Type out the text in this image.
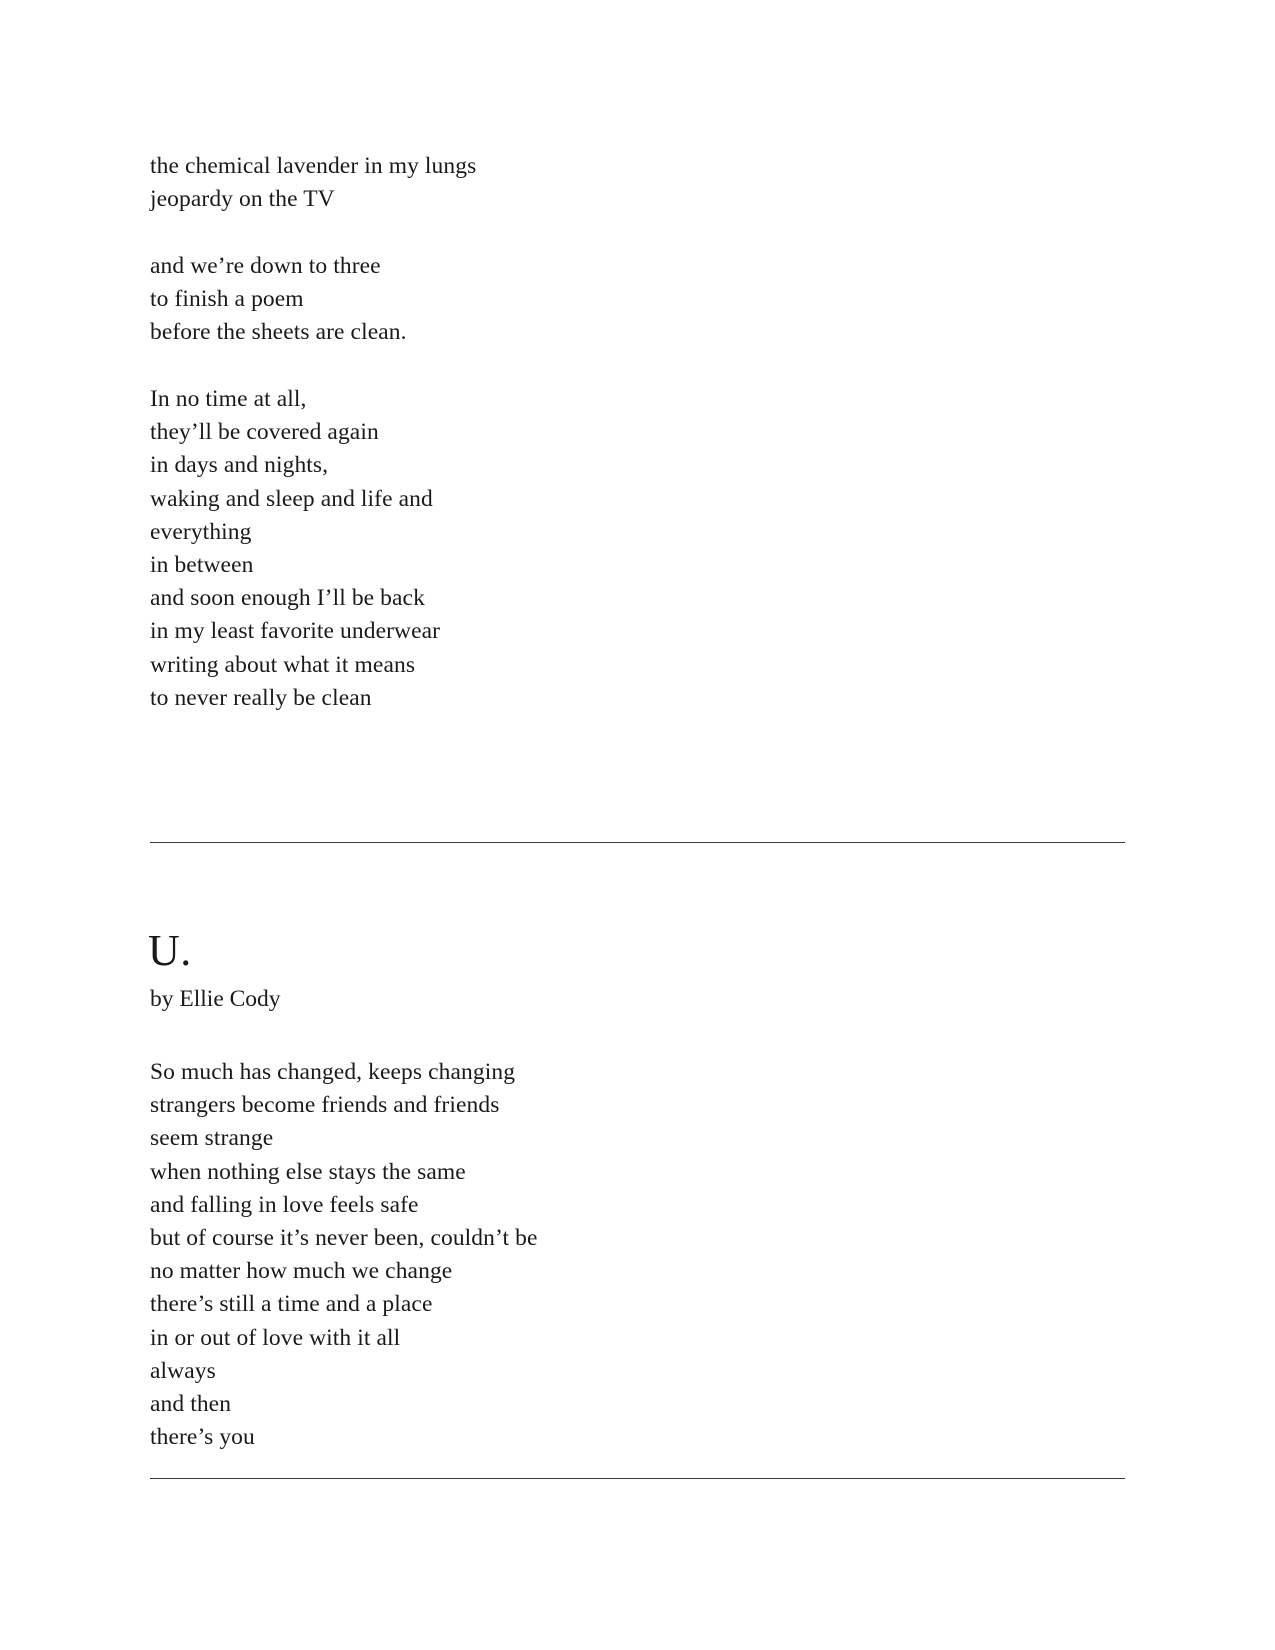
the chemical lavender in my lungs
jeopardy on the TV
and we’re down to three
to finish a poem
before the sheets are clean.
In no time at all,
they’ll be covered again
in days and nights,
waking and sleep and life and
everything
in between
and soon enough I’ll be back
in my least favorite underwear
writing about what it means
to never really be clean
U.

by Ellie Cody

So much has changed, keeps changing
strangers become friends and friends
seem strange
when nothing else stays the same
and falling in love feels safe
but of course it’s never been, couldn’t be
no matter how much we change
there’s still a time and a place
in or out of love with it all
always
and then
there’s you
